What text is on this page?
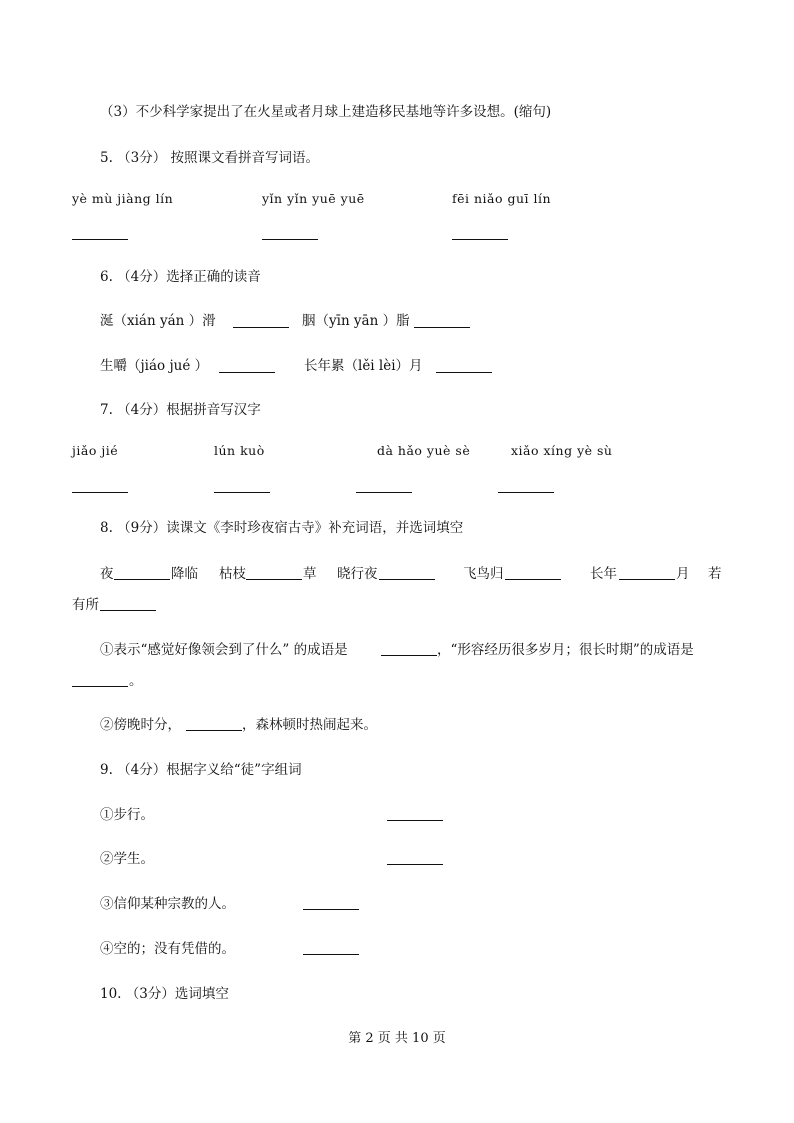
（3）不少科学家提出了在火星或者月球上建造移民基地等许多设想。(缩句)
5. （3分） 按照课文看拼音写词语。
yè mù jiàng lín	yǐn yǐn yuē yuē	fēi niǎo guī lín
6. （4分）选择正确的读音
涎（xián yán ）滑	胭（yīn yān ）脂
生嚼（jiáo jué ）	长年累（lěi lèi）月
7. （4分）根据拼音写汉字
jiǎo jié	lún kuò	dà hǎo yuè sè	xiǎo xíng yè sù
8. （9分）读课文《李时珍夜宿古寺》补充词语，并选词填空
夜	降临 枯枝	草 晓行夜	飞鸟归	长年	月 若
有所
①表示“感觉好像领会到了什么” 的成语是	，“形容经历很多岁月；很长时期”的成语是
。
②傍晚时分，	，森林顿时热闹起来。
9. （4分）根据字义给“徒”字组词
①步行。
②学生。
③信仰某种宗教的人。
④空的；没有凭借的。
10. （3分）选词填空
第 2 页 共 10 页
